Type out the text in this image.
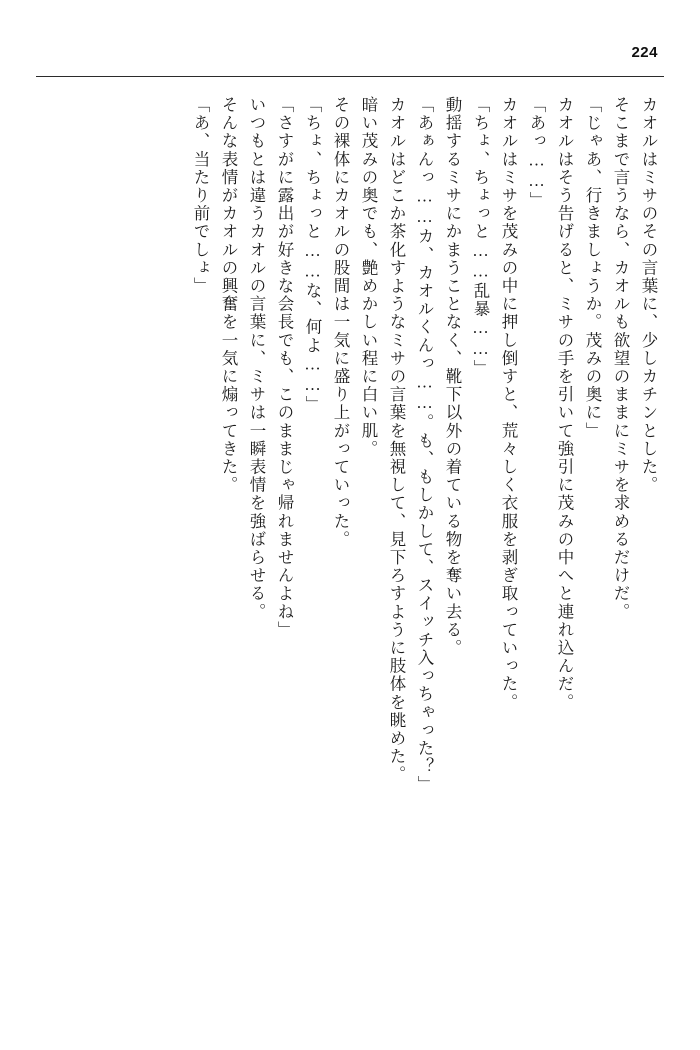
224
カオルはミサのその言葉に、少しカチンとした。
そこまで言うなら、カオルも欲望のままにミサを求めるだけだ。
「じゃあ、行きましょうか。茂みの奥に」
カオルはそう告げると、ミサの手を引いて強引に茂みの中へと連れ込んだ。
「あっ……」
カオルはミサを茂みの中に押し倒すと、荒々しく衣服を剥ぎ取っていった。
「ちょ、ちょっと……乱暴……」
動揺するミサにかまうことなく、靴下以外の着ている物を奪い去る。
「あぁんっ……カ、カオルくんっ……。も、もしかして、スイッチ入っちゃった？」
カオルはどこか茶化すようなミサの言葉を無視して、見下ろすように肢体を眺めた。
暗い茂みの奥でも、艶めかしい程に白い肌。
その裸体にカオルの股間は一気に盛り上がっていった。
「ちょ、ちょっと……な、何よ……」
「さすがに露出が好きな会長でも、このままじゃ帰れませんよね」
いつもとは違うカオルの言葉に、ミサは一瞬表情を強ばらせる。
そんな表情がカオルの興奮を一気に煽ってきた。
「あ、当たり前でしょ」
